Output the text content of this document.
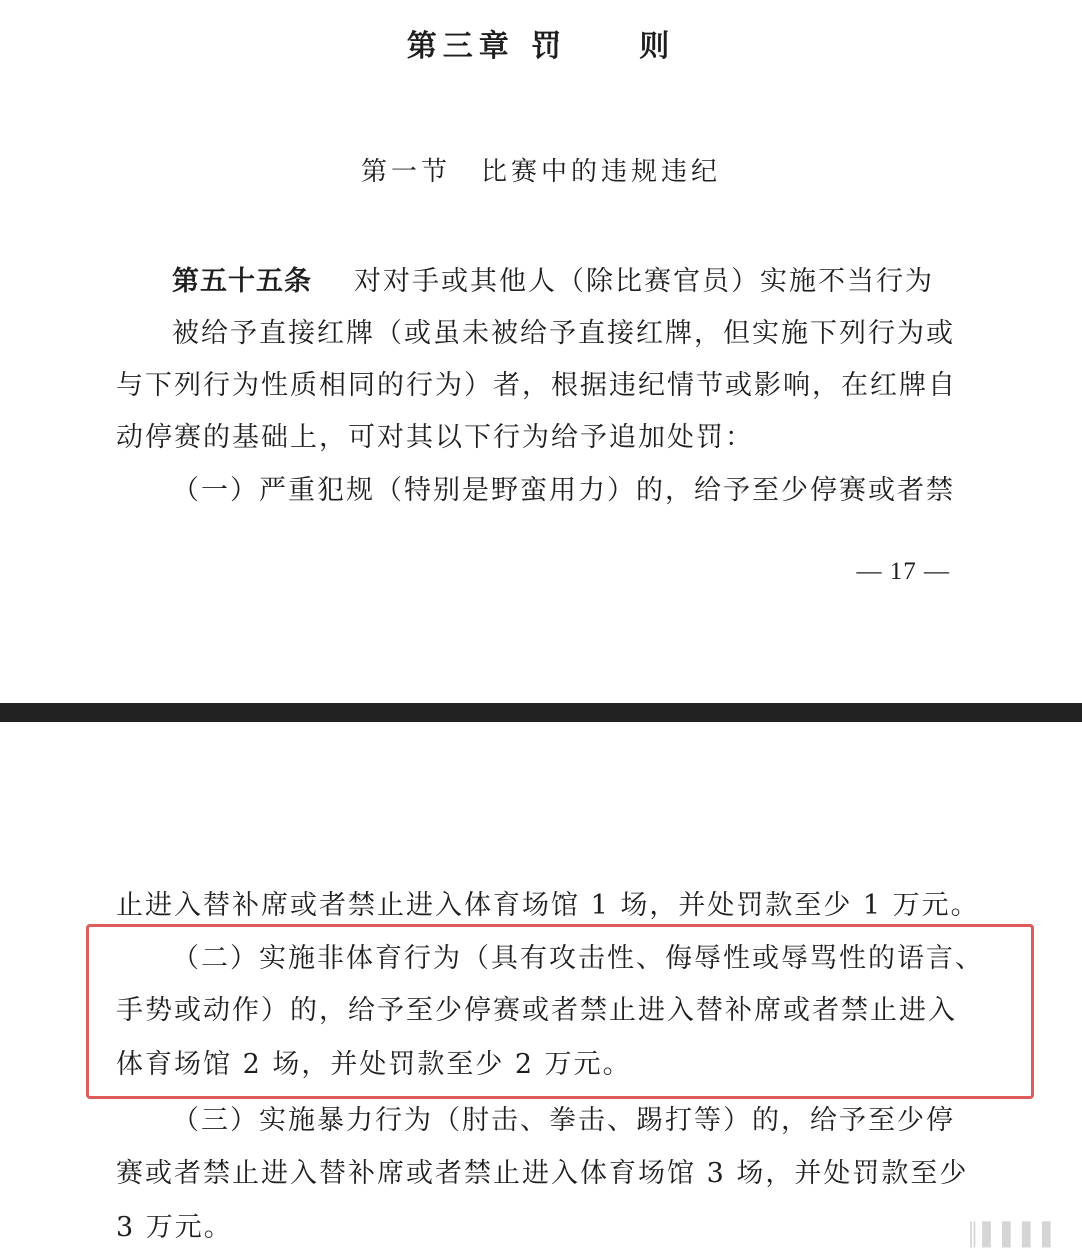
第三章 罚　　则
第一节　比赛中的违规违纪
第五十五条 对对手或其他人（除比赛官员）实施不当行为
被给予直接红牌（或虽未被给予直接红牌，但实施下列行为或
与下列行为性质相同的行为）者，根据违纪情节或影响，在红牌自
动停赛的基础上，可对其以下行为给予追加处罚：
（一）严重犯规（特别是野蛮用力）的，给予至少停赛或者禁
— 17 —
止进入替补席或者禁止进入体育场馆 1 场，并处罚款至少 1 万元。
（二）实施非体育行为（具有攻击性、侮辱性或辱骂性的语言、
手势或动作）的，给予至少停赛或者禁止进入替补席或者禁止进入
体育场馆 2 场，并处罚款至少 2 万元。
（三）实施暴力行为（肘击、拳击、踢打等）的，给予至少停
赛或者禁止进入替补席或者禁止进入体育场馆 3 场，并处罚款至少
3 万元。	║▌▌▌▌
